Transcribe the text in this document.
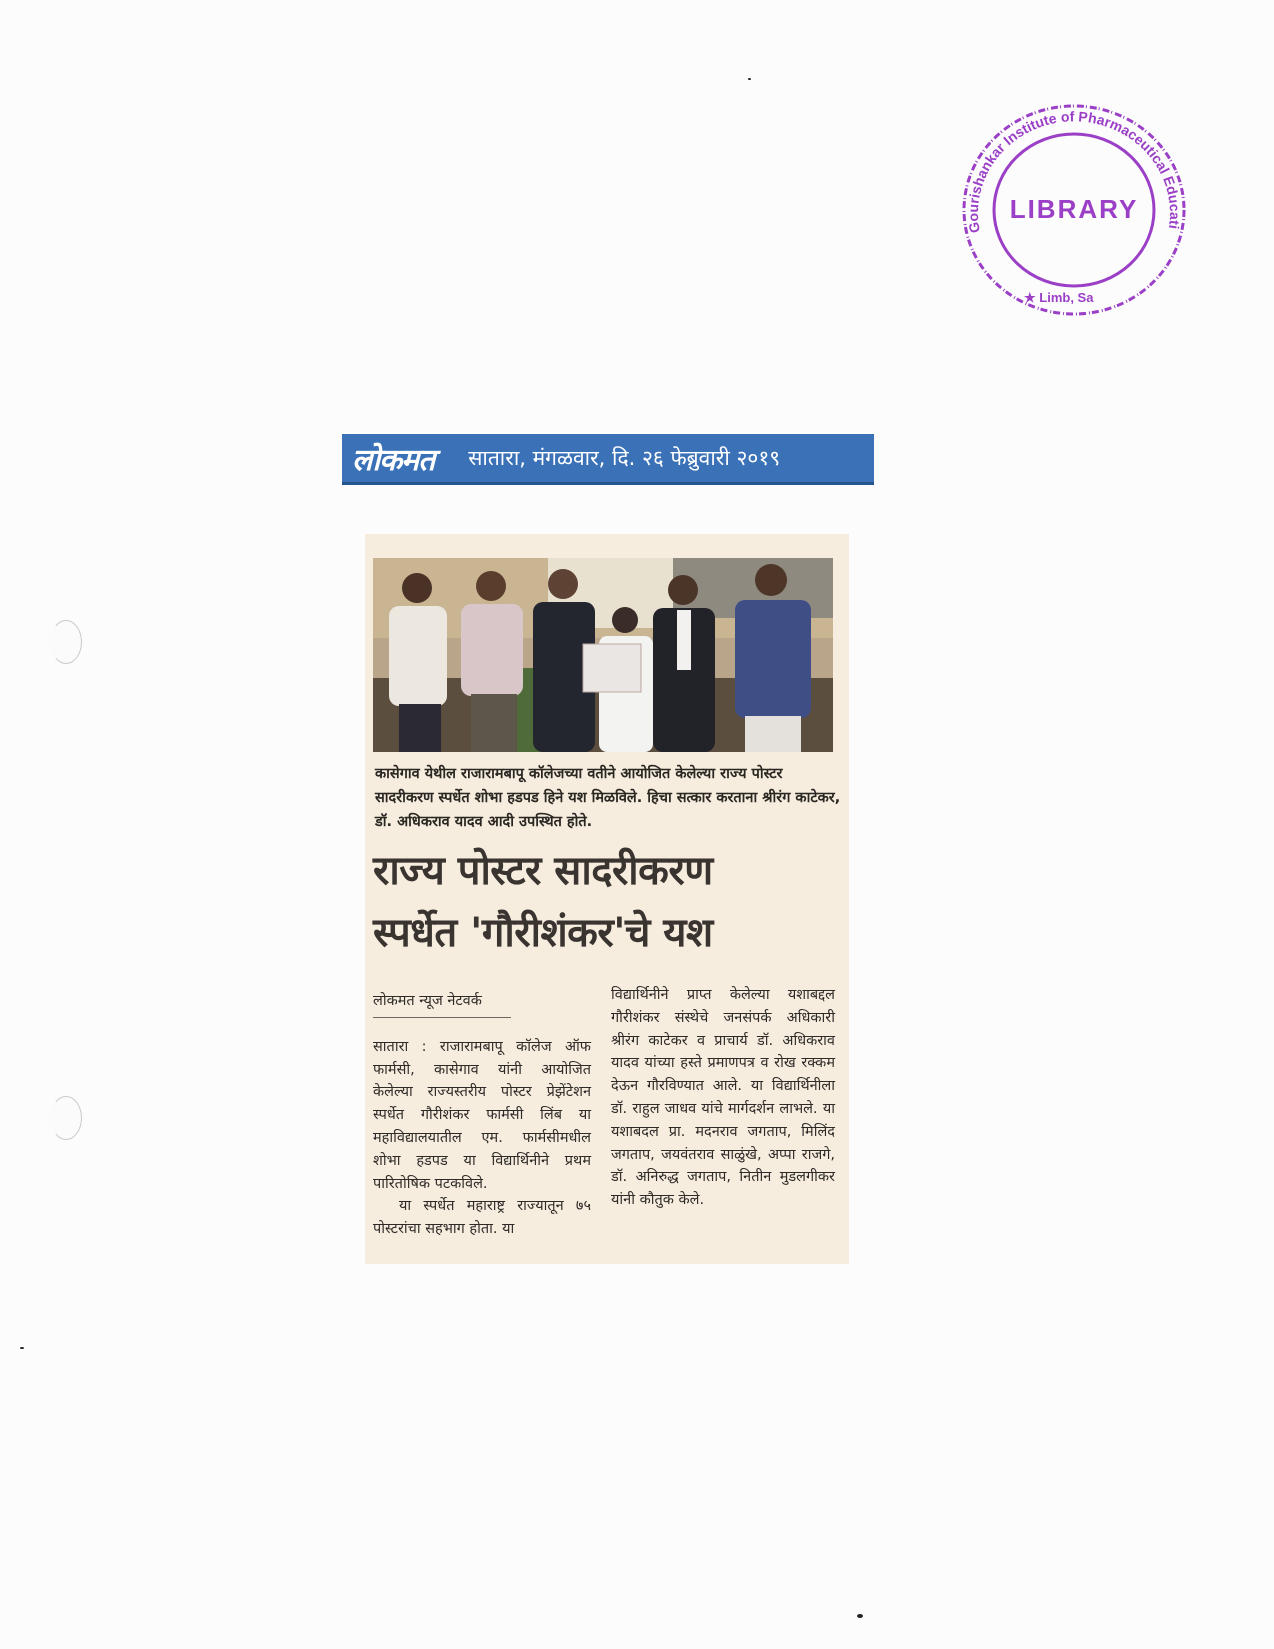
Gourishankar Institute of Pharmaceutical Educati
★ Limb, Sa
LIBRARY
लोकमत सातारा, मंगळवार, दि. २६ फेब्रुवारी २०१९
कासेगाव येथील राजारामबापू कॉलेजच्या वतीने आयोजित केलेल्या राज्य पोस्टर सादरीकरण स्पर्धेत शोभा हडपड हिने यश मिळविले. हिचा सत्कार करताना श्रीरंग काटेकर, डॉ. अधिकराव यादव आदी उपस्थित होते.
राज्य पोस्टर सादरीकरण
स्पर्धेत 'गौरीशंकर'चे यश
लोकमत न्यूज नेटवर्क
सातारा : राजारामबापू कॉलेज ऑफ फार्मसी, कासेगाव यांनी आयोजित केलेल्या राज्यस्तरीय पोस्टर प्रेझेंटेशन स्पर्धेत गौरीशंकर फार्मसी लिंब या महाविद्यालयातील एम. फार्मसीमधील शोभा हडपड या विद्यार्थिनीने प्रथम पारितोषिक पटकविले.
या स्पर्धेत महाराष्ट्र राज्यातून ७५ पोस्टरांचा सहभाग होता. या
विद्यार्थिनीने प्राप्त केलेल्या यशाबद्दल गौरीशंकर संस्थेचे जनसंपर्क अधिकारी श्रीरंग काटेकर व प्राचार्य डॉ. अधिकराव यादव यांच्या हस्ते प्रमाणपत्र व रोख रक्कम देऊन गौरविण्यात आले. या विद्यार्थिनीला डॉ. राहुल जाधव यांचे मार्गदर्शन लाभले. या यशाबदल प्रा. मदनराव जगताप, मिलिंद जगताप, जयवंतराव साळुंखे, अप्पा राजगे, डॉ. अनिरुद्ध जगताप, नितीन मुडलगीकर यांनी कौतुक केले.
